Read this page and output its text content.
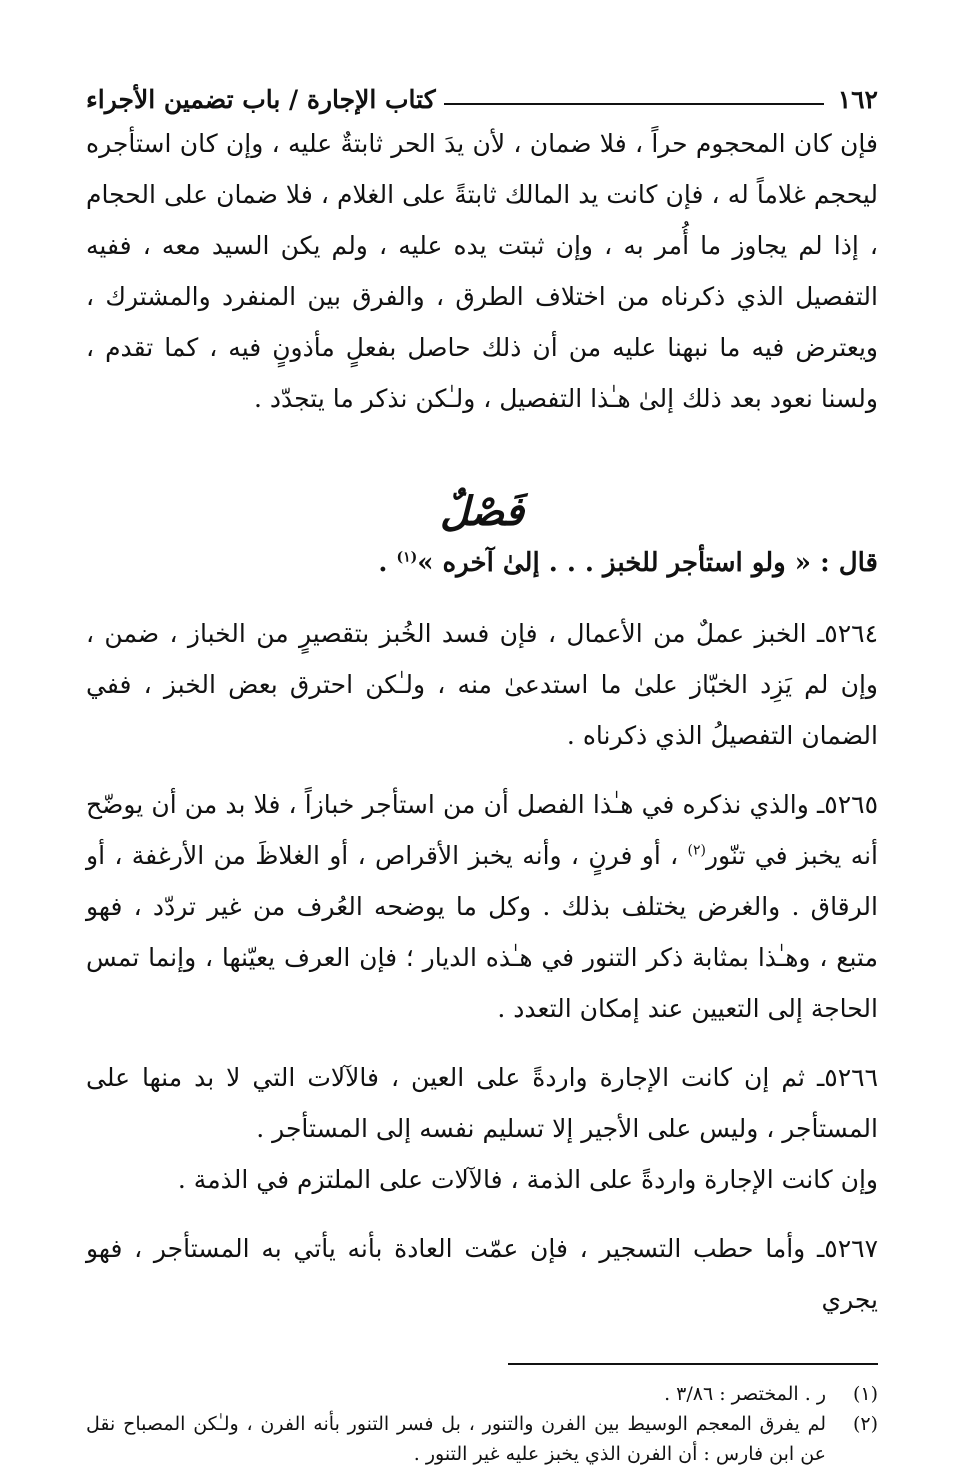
١٦٢
كتاب الإجارة / باب تضمين الأجراء

فإن كان المحجوم حراً ، فلا ضمان ، لأن يدَ الحر ثابتةٌ عليه ، وإن كان استأجره ليحجم غلاماً له ، فإن كانت يد المالك ثابتةً على الغلام ، فلا ضمان على الحجام ، إذا لم يجاوز ما أُمر به ، وإن ثبتت يده عليه ، ولم يكن السيد معه ، ففيه التفصيل الذي ذكرناه من اختلاف الطرق ، والفرق بين المنفرد والمشترك ، ويعترض فيه ما نبهنا عليه من أن ذلك حاصل بفعلٍ مأذونٍ فيه ، كما تقدم ، ولسنا نعود بعد ذلك إلىٰ هـٰذا التفصيل ، ولـٰكن نذكر ما يتجدّد .

فَصْلٌ

قال : « ولو استأجر للخبز . . . إلىٰ آخره »$^{(١)}$ .

٥٢٦٤ـ الخبز عملٌ من الأعمال ، فإن فسد الخُبز بتقصيرٍ من الخباز ، ضمن ، وإن لم يَزِد الخبّاز علىٰ ما استدعىٰ منه ، ولـٰكن احترق بعض الخبز ، ففي الضمان التفصيلُ الذي ذكرناه .

٥٢٦٥ـ والذي نذكره في هـٰذا الفصل أن من استأجر خبازاً ، فلا بد من أن يوضّح أنه يخبز في تنّور$^{(٢)}$ ، أو فرنٍ ، وأنه يخبز الأقراص ، أو الغلاظَ من الأرغفة ، أو الرقاق . والغرض يختلف بذلك . وكل ما يوضحه العُرف من غير تردّد ، فهو متبع ، وهـٰذا بمثابة ذكر التنور في هـٰذه الديار ؛ فإن العرف يعيّنها ، وإنما تمس الحاجة إلى التعيين عند إمكان التعدد .

٥٢٦٦ـ ثم إن كانت الإجارة واردةً على العين ، فالآلات التي لا بد منها على المستأجر ، وليس على الأجير إلا تسليم نفسه إلى المستأجر .

وإن كانت الإجارة واردةً على الذمة ، فالآلات على الملتزم في الذمة .

٥٢٦٧ـ وأما حطب التسجير ، فإن عمّت العادة بأنه يأتي به المستأجر ، فهو يجري

(١)
ر . المختصر : ٣/٨٦ .
(٢)
لم يفرق المعجم الوسيط بين الفرن والتنور ، بل فسر التنور بأنه الفرن ، ولـٰكن المصباح نقل عن ابن فارس : أن الفرن الذي يخبز عليه غير التنور .
